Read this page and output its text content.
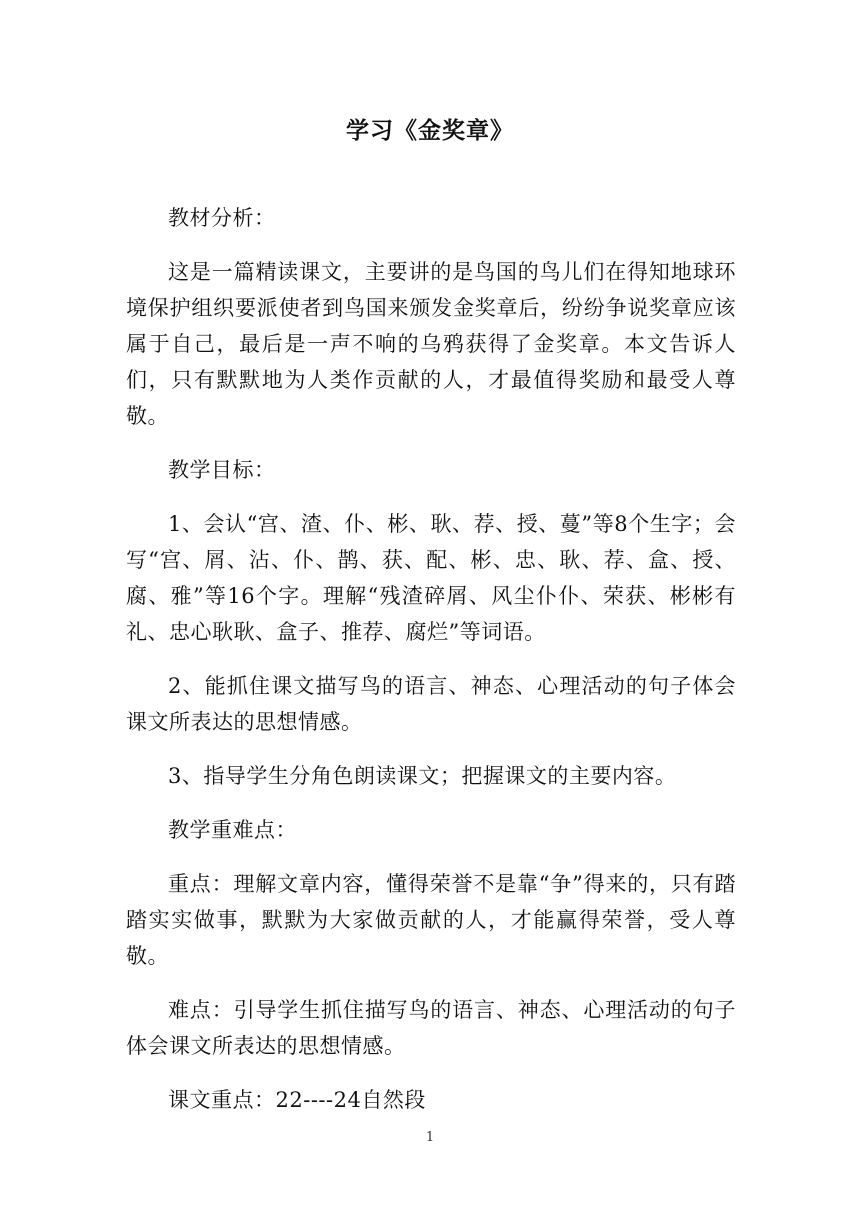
学习《金奖章》

教材分析：

这是一篇精读课文，主要讲的是鸟国的鸟儿们在得知地球环境保护组织要派使者到鸟国来颁发金奖章后，纷纷争说奖章应该属于自己，最后是一声不响的乌鸦获得了金奖章。本文告诉人们，只有默默地为人类作贡献的人，才最值得奖励和最受人尊敬。

教学目标：

1、会认“宫、渣、仆、彬、耿、荐、授、蔓”等8个生字；会写“宫、屑、沾、仆、鹊、获、配、彬、忠、耿、荐、盒、授、腐、雅”等16个字。理解“残渣碎屑、风尘仆仆、荣获、彬彬有礼、忠心耿耿、盒子、推荐、腐烂”等词语。

2、能抓住课文描写鸟的语言、神态、心理活动的句子体会课文所表达的思想情感。

3、指导学生分角色朗读课文；把握课文的主要内容。

教学重难点：

重点：理解文章内容，懂得荣誉不是靠“争”得来的，只有踏踏实实做事，默默为大家做贡献的人，才能赢得荣誉，受人尊敬。

难点：引导学生抓住描写鸟的语言、神态、心理活动的句子体会课文所表达的思想情感。

课文重点：22----24自然段

1
